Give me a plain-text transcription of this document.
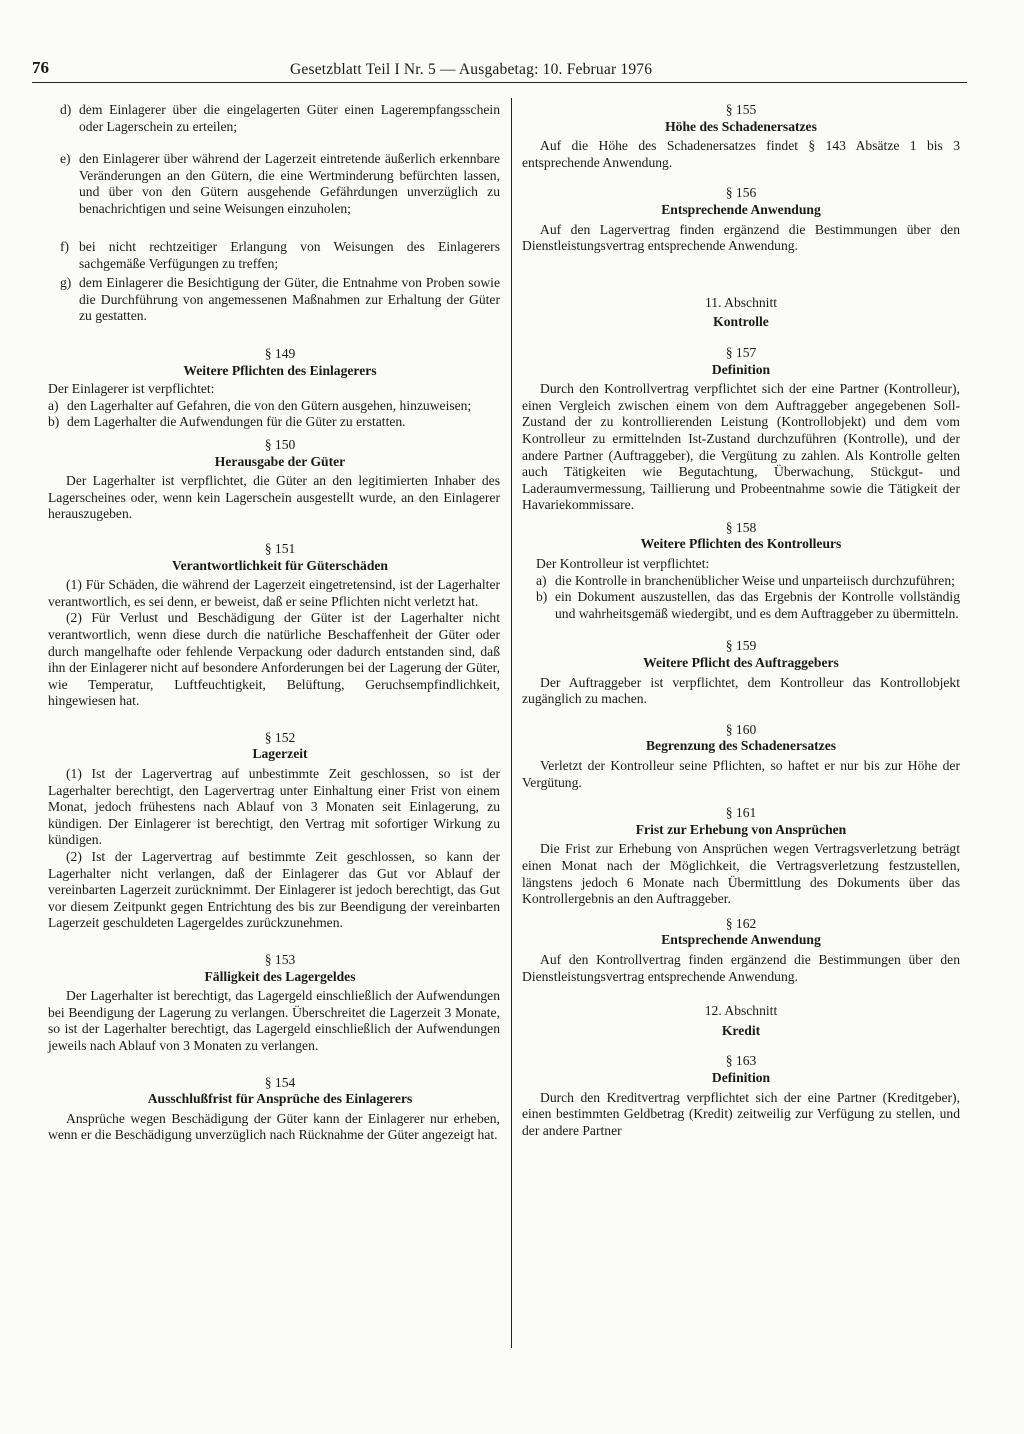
76	Gesetzblatt Teil I Nr. 5 — Ausgabetag: 10. Februar 1976
d) dem Einlagerer über die eingelagerten Güter einen Lagerempfangsschein oder Lagerschein zu erteilen;
e) den Einlagerer über während der Lagerzeit eintretende äußerlich erkennbare Veränderungen an den Gütern, die eine Wertminderung befürchten lassen, und über von den Gütern ausgehende Gefährdungen unverzüglich zu benachrichtigen und seine Weisungen einzuholen;
f) bei nicht rechtzeitiger Erlangung von Weisungen des Einlagerers sachgemäße Verfügungen zu treffen;
g) dem Einlagerer die Besichtigung der Güter, die Entnahme von Proben sowie die Durchführung von angemessenen Maßnahmen zur Erhaltung der Güter zu gestatten.

§ 149

Weitere Pflichten des Einlagerers

Der Einlagerer ist verpflichtet:

a) den Lagerhalter auf Gefahren, die von den Gütern ausgehen, hinzuweisen;
b) dem Lagerhalter die Aufwendungen für die Güter zu erstatten.

§ 150

Herausgabe der Güter

Der Lagerhalter ist verpflichtet, die Güter an den legitimierten Inhaber des Lagerscheines oder, wenn kein Lagerschein ausgestellt wurde, an den Einlagerer herauszugeben.

§ 151

Verantwortlichkeit für Güterschäden

(1) Für Schäden, die während der Lagerzeit eingetretensind, ist der Lagerhalter verantwortlich, es sei denn, er beweist, daß er seine Pflichten nicht verletzt hat.

(2) Für Verlust und Beschädigung der Güter ist der Lagerhalter nicht verantwortlich, wenn diese durch die natürliche Beschaffenheit der Güter oder durch mangelhafte oder fehlende Verpackung oder dadurch entstanden sind, daß ihn der Einlagerer nicht auf besondere Anforderungen bei der Lagerung der Güter, wie Temperatur, Luftfeuchtigkeit, Belüftung, Geruchsempfindlichkeit, hingewiesen hat.

§ 152

Lagerzeit

(1) Ist der Lagervertrag auf unbestimmte Zeit geschlossen, so ist der Lagerhalter berechtigt, den Lagervertrag unter Einhaltung einer Frist von einem Monat, jedoch frühestens nach Ablauf von 3 Monaten seit Einlagerung, zu kündigen. Der Einlagerer ist berechtigt, den Vertrag mit sofortiger Wirkung zu kündigen.

(2) Ist der Lagervertrag auf bestimmte Zeit geschlossen, so kann der Lagerhalter nicht verlangen, daß der Einlagerer das Gut vor Ablauf der vereinbarten Lagerzeit zurücknimmt. Der Einlagerer ist jedoch berechtigt, das Gut vor diesem Zeitpunkt gegen Entrichtung des bis zur Beendigung der vereinbarten Lagerzeit geschuldeten Lagergeldes zurückzunehmen.

§ 153

Fälligkeit des Lagergeldes

Der Lagerhalter ist berechtigt, das Lagergeld einschließlich der Aufwendungen bei Beendigung der Lagerung zu verlangen. Überschreitet die Lagerzeit 3 Monate, so ist der Lagerhalter berechtigt, das Lagergeld einschließlich der Aufwendungen jeweils nach Ablauf von 3 Monaten zu verlangen.

§ 154

Ausschlußfrist für Ansprüche des Einlagerers

Ansprüche wegen Beschädigung der Güter kann der Einlagerer nur erheben, wenn er die Beschädigung unverzüglich nach Rücknahme der Güter angezeigt hat.

§ 155

Höhe des Schadenersatzes

Auf die Höhe des Schadenersatzes findet § 143 Absätze 1 bis 3 entsprechende Anwendung.

§ 156

Entsprechende Anwendung

Auf den Lagervertrag finden ergänzend die Bestimmungen über den Dienstleistungsvertrag entsprechende Anwendung.

11. Abschnitt

Kontrolle

§ 157

Definition

Durch den Kontrollvertrag verpflichtet sich der eine Partner (Kontrolleur), einen Vergleich zwischen einem von dem Auftraggeber angegebenen Soll-Zustand der zu kontrollierenden Leistung (Kontrollobjekt) und dem vom Kontrolleur zu ermittelnden Ist-Zustand durchzuführen (Kontrolle), und der andere Partner (Auftraggeber), die Vergütung zu zahlen. Als Kontrolle gelten auch Tätigkeiten wie Begutachtung, Überwachung, Stückgut- und Laderaumvermessung, Taillierung und Probeentnahme sowie die Tätigkeit der Havariekommissare.

§ 158

Weitere Pflichten des Kontrolleurs

Der Kontrolleur ist verpflichtet:

a) die Kontrolle in branchenüblicher Weise und unparteiisch durchzuführen;
b) ein Dokument auszustellen, das das Ergebnis der Kontrolle vollständig und wahrheitsgemäß wiedergibt, und es dem Auftraggeber zu übermitteln.

§ 159

Weitere Pflicht des Auftraggebers

Der Auftraggeber ist verpflichtet, dem Kontrolleur das Kontrollobjekt zugänglich zu machen.

§ 160

Begrenzung des Schadenersatzes

Verletzt der Kontrolleur seine Pflichten, so haftet er nur bis zur Höhe der Vergütung.

§ 161

Frist zur Erhebung von Ansprüchen

Die Frist zur Erhebung von Ansprüchen wegen Vertragsverletzung beträgt einen Monat nach der Möglichkeit, die Vertragsverletzung festzustellen, längstens jedoch 6 Monate nach Übermittlung des Dokuments über das Kontrollergebnis an den Auftraggeber.

§ 162

Entsprechende Anwendung

Auf den Kontrollvertrag finden ergänzend die Bestimmungen über den Dienstleistungsvertrag entsprechende Anwendung.

12. Abschnitt

Kredit

§ 163

Definition

Durch den Kreditvertrag verpflichtet sich der eine Partner (Kreditgeber), einen bestimmten Geldbetrag (Kredit) zeitweilig zur Verfügung zu stellen, und der andere Partner
